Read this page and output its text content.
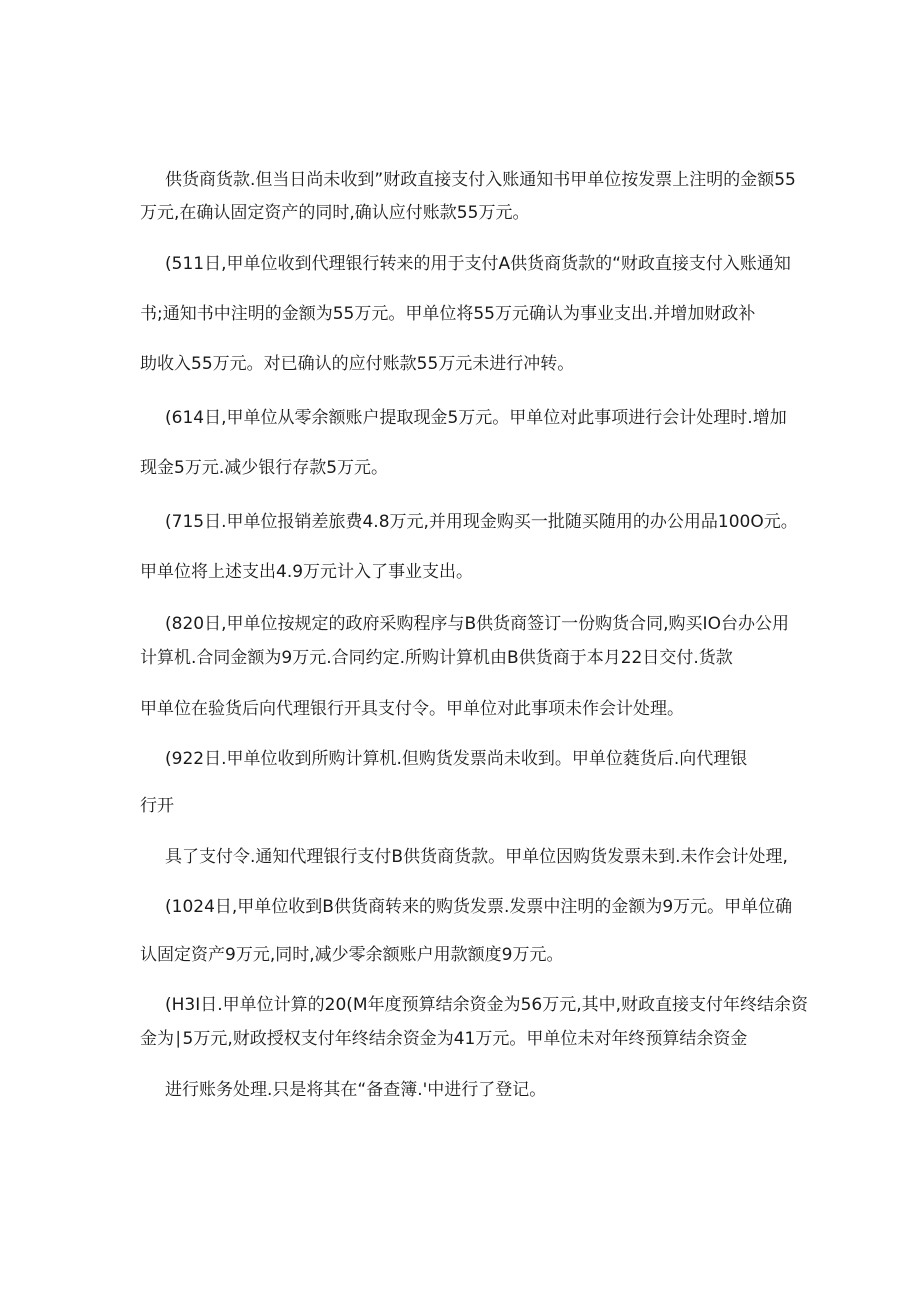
供货商货款.但当日尚未收到”财政直接支付入账通知书甲单位按发票上注明的金额55

万元,在确认固定资产的同时,确认应付账款55万元。

(511日,甲单位收到代理银行转来的用于支付A供货商货款的“财政直接支付入账通知

书;通知书中注明的金额为55万元。甲单位将55万元确认为事业支出.并增加财政补

助收入55万元。对已确认的应付账款55万元未进行冲转。

(614日,甲单位从零余额账户提取现金5万元。甲单位对此事项进行会计处理时.增加

现金5万元.减少银行存款5万元。

(715日.甲单位报销差旅费4.8万元,并用现金购买一批随买随用的办公用品100O元。

甲单位将上述支出4.9万元计入了事业支出。

(820日,甲单位按规定的政府采购程序与B供货商签订一份购货合同,购买IO台办公用

计算机.合同金额为9万元.合同约定.所购计算机由B供货商于本月22日交付.货款

甲单位在验货后向代理银行开具支付令。甲单位对此事项未作会计处理。

(922日.甲单位收到所购计算机.但购货发票尚未收到。甲单位蕤货后.向代理银

行开

具了支付令.通知代理银行支付B供货商货款。甲单位因购货发票未到.未作会计处理,

(1024日,甲单位收到B供货商转来的购货发票.发票中注明的金额为9万元。甲单位确

认固定资产9万元,同时,减少零余额账户用款额度9万元。

(H3I日.甲单位计算的20(M年度预算结余资金为56万元,其中,财政直接支付年终结余资

金为∣5万元,财政授权支付年终结余资金为41万元。甲单位未对年终预算结余资金

进行账务处理.只是将其在“备查簿.'中进行了登记。
